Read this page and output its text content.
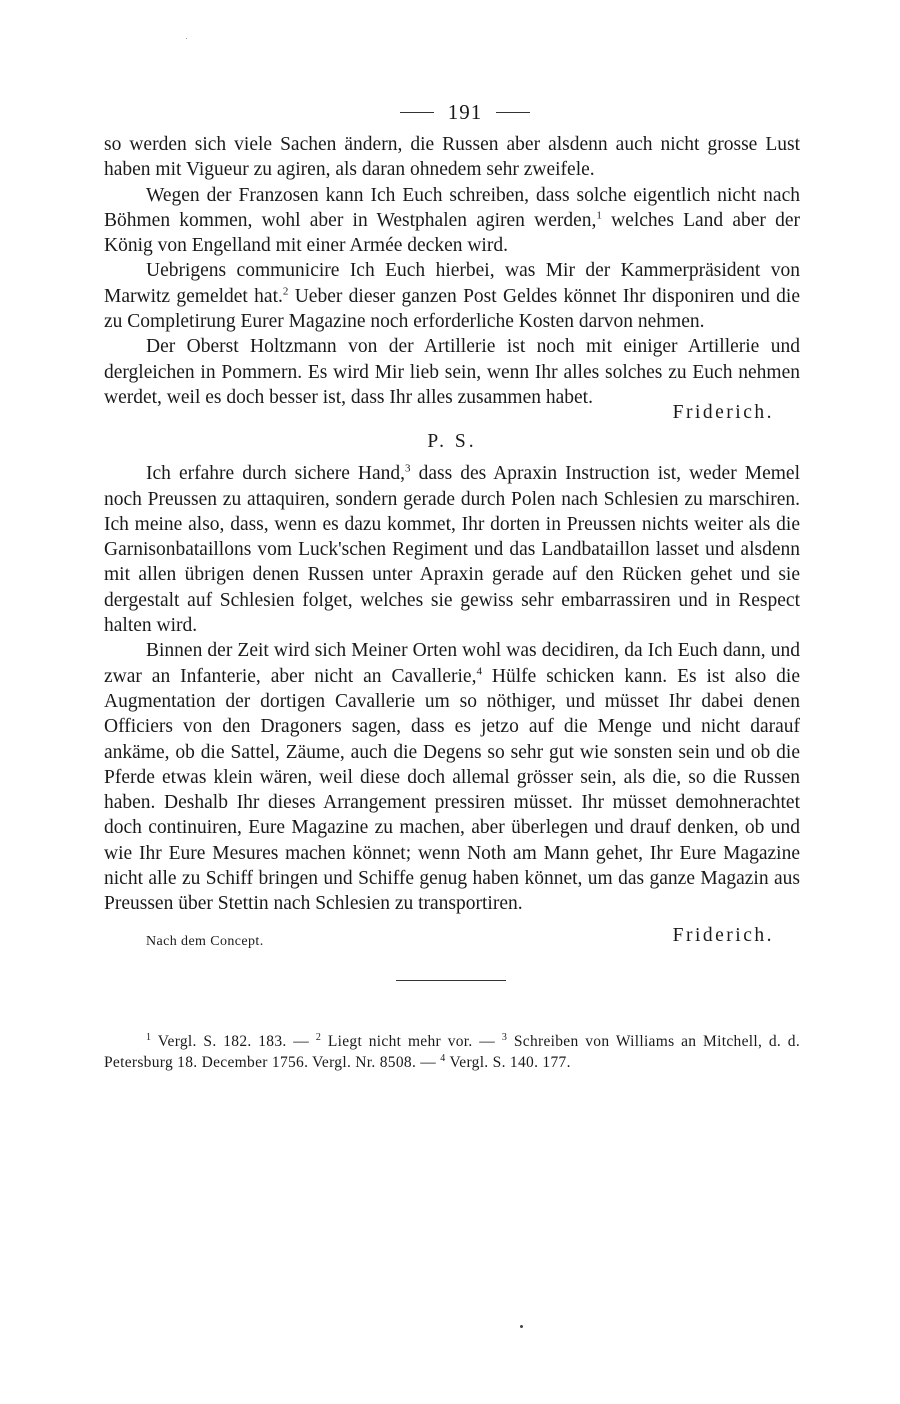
191

so werden sich viele Sachen ändern, die Russen aber alsdenn auch nicht grosse Lust haben mit Vigueur zu agiren, als daran ohnedem sehr zweifele.

Wegen der Franzosen kann Ich Euch schreiben, dass solche eigentlich nicht nach Böhmen kommen, wohl aber in Westphalen agiren werden,$^1$ welches Land aber der König von Engelland mit einer Armée decken wird.

Uebrigens communicire Ich Euch hierbei, was Mir der Kammerpräsident von Marwitz gemeldet hat.$^2$ Ueber dieser ganzen Post Geldes könnet Ihr disponiren und die zu Completirung Eurer Magazine noch erforderliche Kosten darvon nehmen.

Der Oberst Holtzmann von der Artillerie ist noch mit einiger Artillerie und dergleichen in Pommern. Es wird Mir lieb sein, wenn Ihr alles solches zu Euch nehmen werdet, weil es doch besser ist, dass Ihr alles zusammen habet.

Friderich.
P. S.

Ich erfahre durch sichere Hand,$^3$ dass des Apraxin Instruction ist, weder Memel noch Preussen zu attaquiren, sondern gerade durch Polen nach Schlesien zu marschiren. Ich meine also, dass, wenn es dazu kommet, Ihr dorten in Preussen nichts weiter als die Garnisonbataillons vom Luck'schen Regiment und das Landbataillon lasset und alsdenn mit allen übrigen denen Russen unter Apraxin gerade auf den Rücken gehet und sie dergestalt auf Schlesien folget, welches sie gewiss sehr embarrassiren und in Respect halten wird.

Binnen der Zeit wird sich Meiner Orten wohl was decidiren, da Ich Euch dann, und zwar an Infanterie, aber nicht an Cavallerie,$^4$ Hülfe schicken kann. Es ist also die Augmentation der dortigen Cavallerie um so nöthiger, und müsset Ihr dabei denen Officiers von den Dragoners sagen, dass es jetzo auf die Menge und nicht darauf ankäme, ob die Sattel, Zäume, auch die Degens so sehr gut wie sonsten sein und ob die Pferde etwas klein wären, weil diese doch allemal grösser sein, als die, so die Russen haben. Deshalb Ihr dieses Arrangement pressiren müsset. Ihr müsset demohnerachtet doch continuiren, Eure Magazine zu machen, aber überlegen und drauf denken, ob und wie Ihr Eure Mesures machen könnet; wenn Noth am Mann gehet, Ihr Eure Magazine nicht alle zu Schiff bringen und Schiffe genug haben könnet, um das ganze Magazin aus Preussen über Stettin nach Schlesien zu transportiren.

Friderich.
Nach dem Concept.
$^1$ Vergl. S. 182. 183. — $^2$ Liegt nicht mehr vor. — $^3$ Schreiben von Williams an Mitchell, d. d. Petersburg 18. December 1756. Vergl. Nr. 8508. — $^4$ Vergl. S. 140. 177.
